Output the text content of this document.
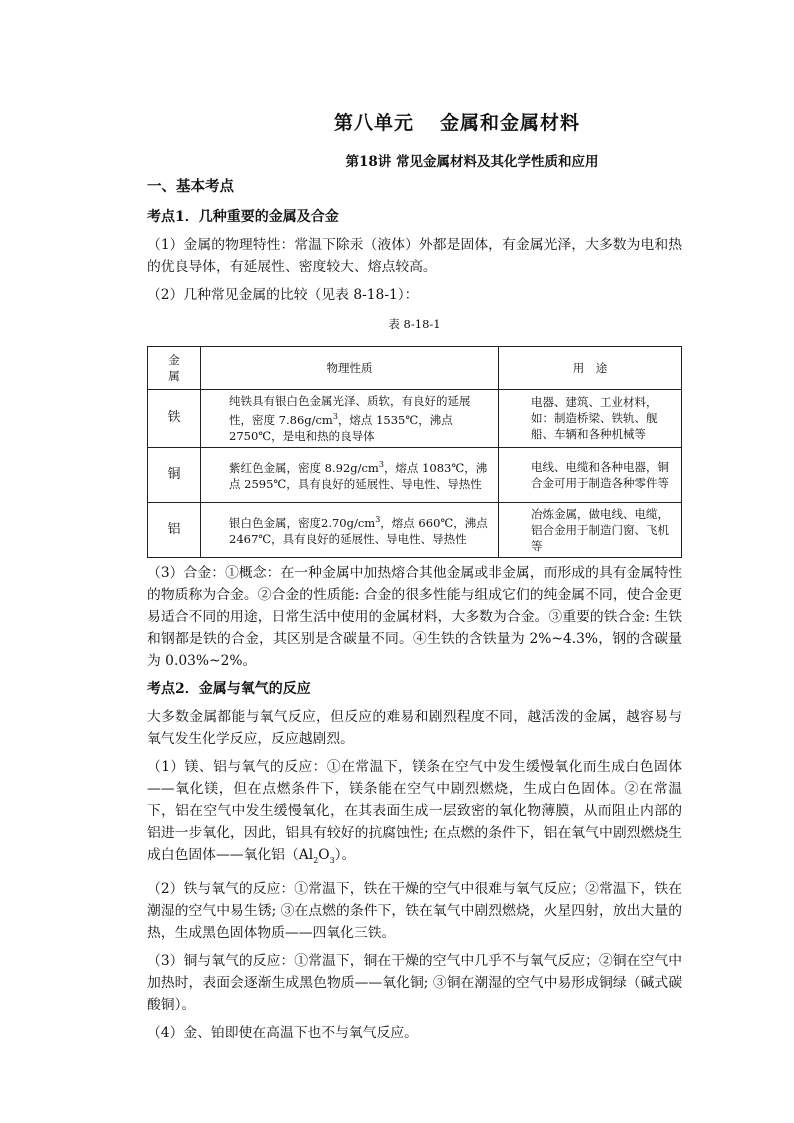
第八单元 金属和金属材料
第18讲 常见金属材料及其化学性质和应用
一、基本考点
考点1．几种重要的金属及合金

（1）金属的物理特性：常温下除汞（液体）外都是固体，有金属光泽，大多数为电和热的优良导体，有延展性、密度较大、熔点较高。

（2）几种常见金属的比较（见表 8-18-1）：

表 8-18-1
金
属	物理性质	用　途
铁	纯铁具有银白色金属光泽、质软，有良好的延展性，密度 $7.86g/cm^3$，熔点 1535℃，沸点 2750℃，是电和热的良导体	电器、建筑、工业材料，如：制造桥梁、铁轨、舰船、车辆和各种机械等
铜	紫红色金属，密度 $8.92g/cm^3$，熔点 1083℃，沸点 2595℃，具有良好的延展性、导电性、导热性	电线、电缆和各种电器，铜合金可用于制造各种零件等
铝	银白色金属，密度$2.70g/cm^3$，熔点 660℃，沸点 2467℃，具有良好的延展性、导电性、导热性	冶炼金属，做电线、电缆，铝合金用于制造门窗、飞机等

（3）合金：①概念：在一种金属中加热熔合其他金属或非金属，而形成的具有金属特性的物质称为合金。②合金的性质能: 合金的很多性能与组成它们的纯金属不同，使合金更易适合不同的用途，日常生活中使用的金属材料，大多数为合金。③重要的铁合金: 生铁和钢都是铁的合金，其区别是含碳量不同。④生铁的含铁量为 2%~4.3%，钢的含碳量为 0.03%~2%。

考点2．金属与氧气的反应

大多数金属都能与氧气反应，但反应的难易和剧烈程度不同，越活泼的金属，越容易与氧气发生化学反应，反应越剧烈。

（1）镁、铝与氧气的反应：①在常温下，镁条在空气中发生缓慢氧化而生成白色固体——氧化镁，但在点燃条件下，镁条能在空气中剧烈燃烧，生成白色固体。②在常温下，铝在空气中发生缓慢氧化，在其表面生成一层致密的氧化物薄膜，从而阻止内部的铝进一步氧化，因此，铝具有较好的抗腐蚀性; 在点燃的条件下，铝在氧气中剧烈燃烧生成白色固体——氧化铝$(Al_2O_3)$。

（2）铁与氧气的反应：①常温下，铁在干燥的空气中很难与氧气反应；②常温下，铁在潮湿的空气中易生锈; ③在点燃的条件下，铁在氧气中剧烈燃烧，火星四射，放出大量的热，生成黑色固体物质——四氧化三铁。

（3）铜与氧气的反应：①常温下，铜在干燥的空气中几乎不与氧气反应；②铜在空气中加热时，表面会逐渐生成黑色物质——氧化铜; ③铜在潮湿的空气中易形成铜绿（碱式碳酸铜）。

（4）金、铂即使在高温下也不与氧气反应。
